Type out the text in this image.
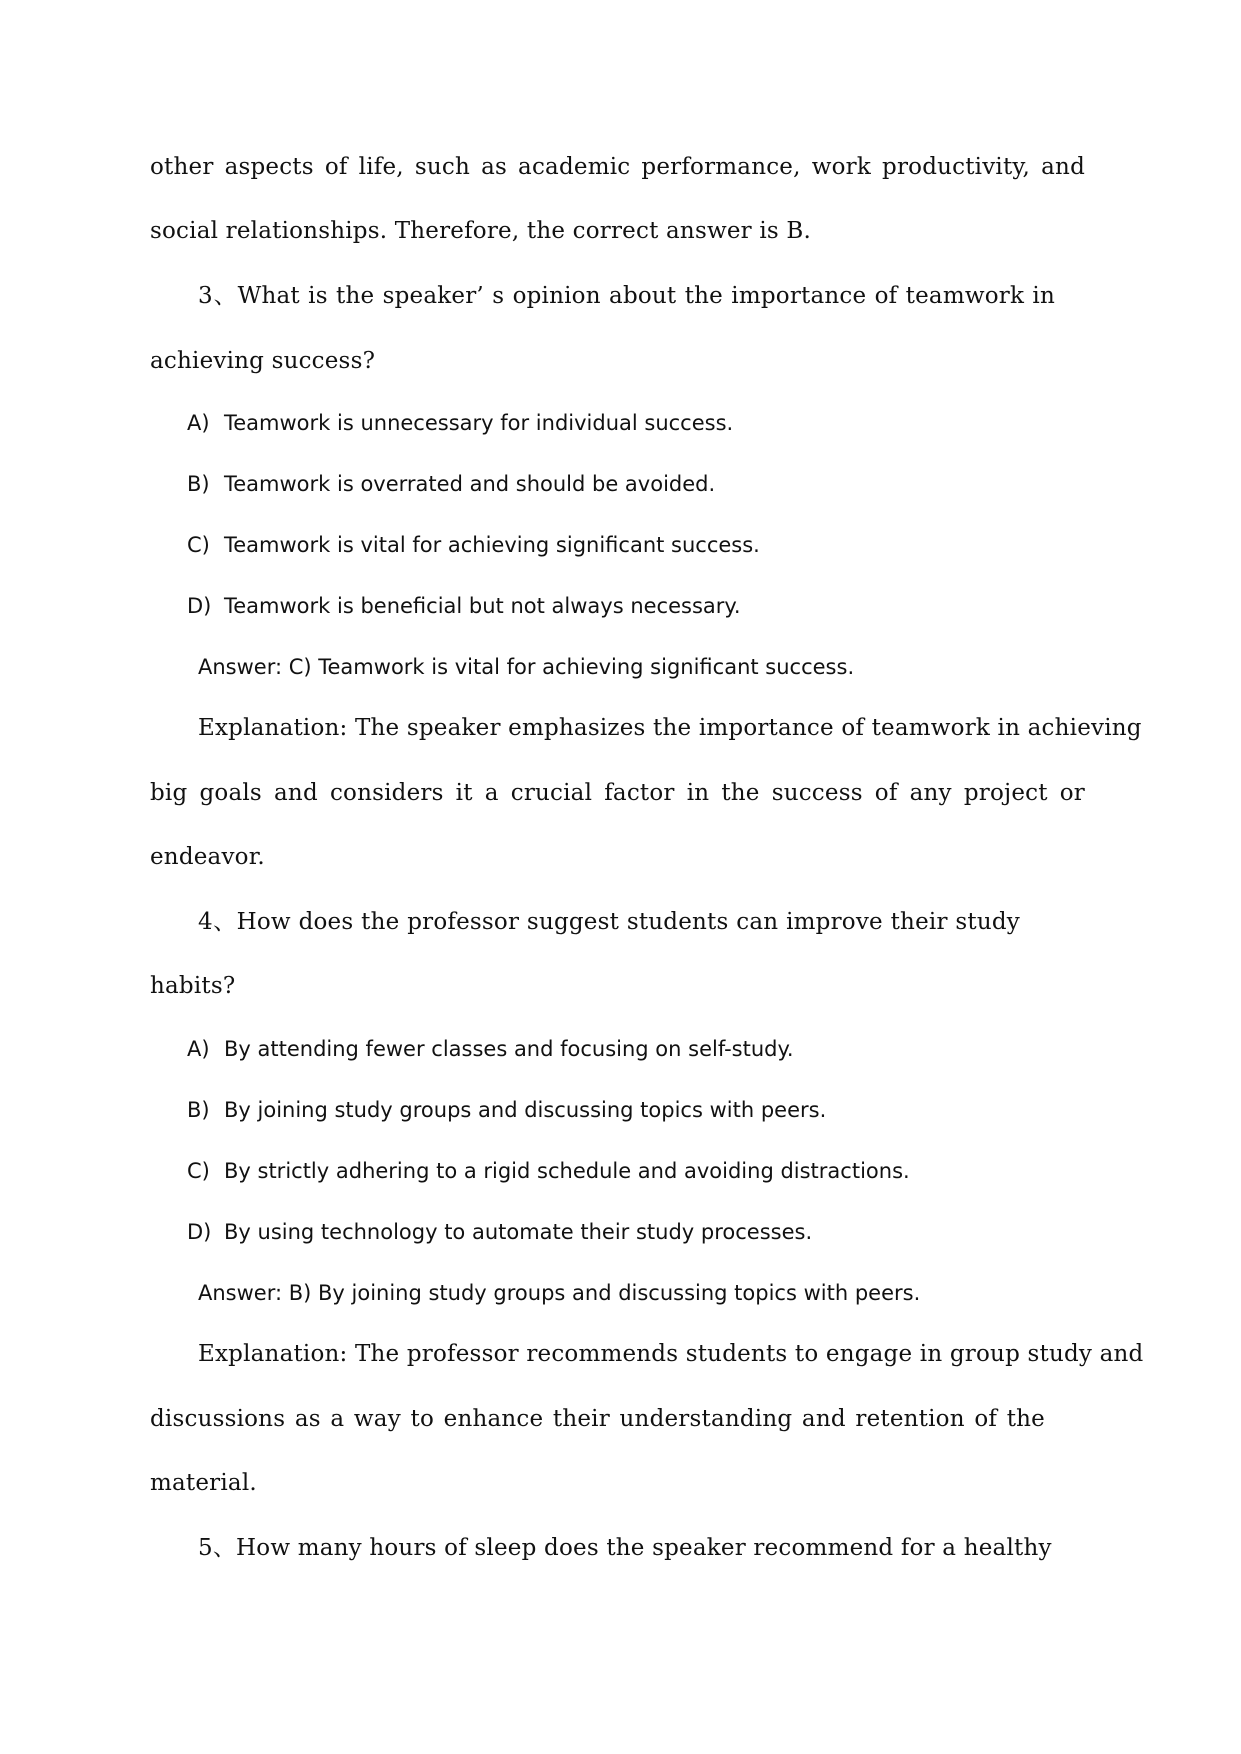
other aspects of life, such as academic performance, work productivity, and
social relationships. Therefore, the correct answer is B.
3、What is the speaker’ s opinion about the importance of teamwork in
achieving success?
A) Teamwork is unnecessary for individual success.
B) Teamwork is overrated and should be avoided.
C) Teamwork is vital for achieving significant success.
D) Teamwork is beneficial but not always necessary.
Answer: C) Teamwork is vital for achieving significant success.
Explanation: The speaker emphasizes the importance of teamwork in achieving
big goals and considers it a crucial factor in the success of any project or
endeavor.
4、How does the professor suggest students can improve their study
habits?
A) By attending fewer classes and focusing on self-study.
B) By joining study groups and discussing topics with peers.
C) By strictly adhering to a rigid schedule and avoiding distractions.
D) By using technology to automate their study processes.
Answer: B) By joining study groups and discussing topics with peers.
Explanation: The professor recommends students to engage in group study and
discussions as a way to enhance their understanding and retention of the
material.
5、How many hours of sleep does the speaker recommend for a healthy
